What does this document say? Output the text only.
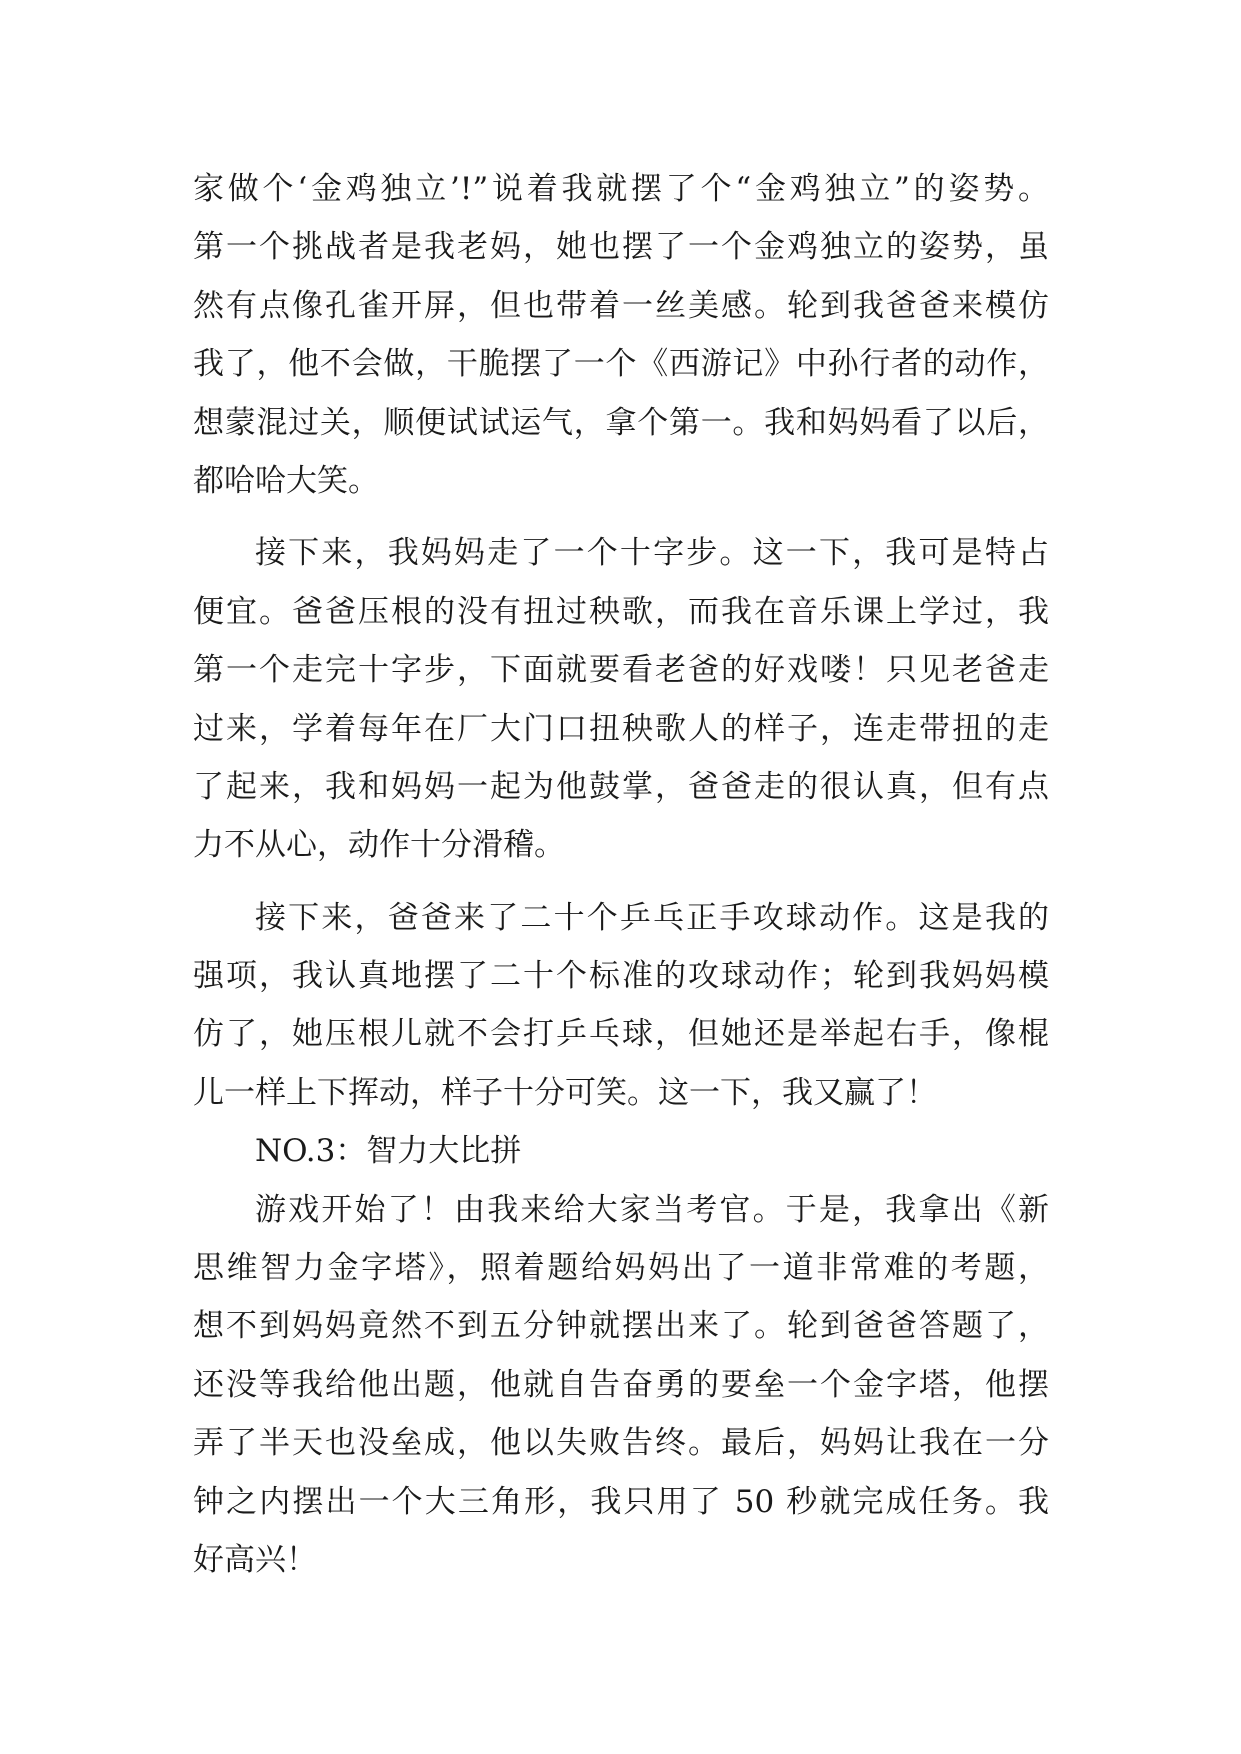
家做个‘金鸡独立’!”说着我就摆了个“金鸡独立”的姿势。
第一个挑战者是我老妈，她也摆了一个金鸡独立的姿势，虽
然有点像孔雀开屏，但也带着一丝美感。轮到我爸爸来模仿
我了，他不会做，干脆摆了一个《西游记》中孙行者的动作，
想蒙混过关，顺便试试运气，拿个第一。我和妈妈看了以后，
都哈哈大笑。
接下来，我妈妈走了一个十字步。这一下，我可是特占
便宜。爸爸压根的没有扭过秧歌，而我在音乐课上学过，我
第一个走完十字步，下面就要看老爸的好戏喽！只见老爸走
过来，学着每年在厂大门口扭秧歌人的样子，连走带扭的走
了起来，我和妈妈一起为他鼓掌，爸爸走的很认真，但有点
力不从心，动作十分滑稽。
接下来，爸爸来了二十个乒乓正手攻球动作。这是我的
强项，我认真地摆了二十个标准的攻球动作；轮到我妈妈模
仿了，她压根儿就不会打乒乓球，但她还是举起右手，像棍
儿一样上下挥动，样子十分可笑。这一下，我又赢了！
NO.3：智力大比拼
游戏开始了！由我来给大家当考官。于是，我拿出《新
思维智力金字塔》，照着题给妈妈出了一道非常难的考题，
想不到妈妈竟然不到五分钟就摆出来了。轮到爸爸答题了，
还没等我给他出题，他就自告奋勇的要垒一个金字塔，他摆
弄了半天也没垒成，他以失败告终。最后，妈妈让我在一分
钟之内摆出一个大三角形，我只用了 50 秒就完成任务。我
好高兴！
